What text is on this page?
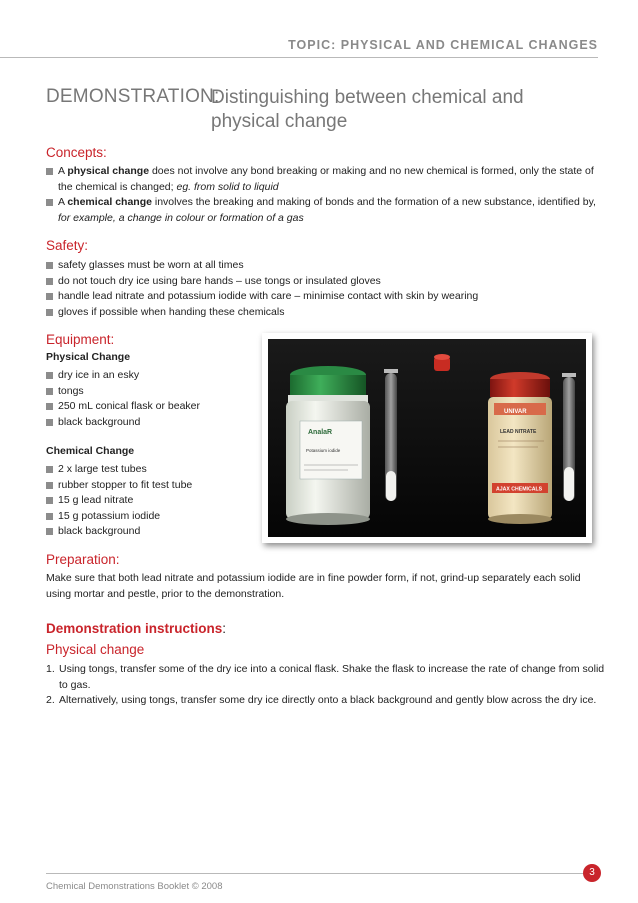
TOPIC: PHYSICAL AND CHEMICAL CHANGES
DEMONSTRATION:
Distinguishing between chemical and physical change
Concepts:
A physical change does not involve any bond breaking or making and no new chemical is formed, only the state of the chemical is changed; eg. from solid to liquid
A chemical change involves the breaking and making of bonds and the formation of a new substance, identified by, for example, a change in colour or formation of a gas
Safety:
safety glasses must be worn at all times
do not touch dry ice using bare hands – use tongs or insulated gloves
handle lead nitrate and potassium iodide with care – minimise contact with skin by wearing
gloves if possible when handing these chemicals
Equipment:
Physical Change
dry ice in an esky
tongs
250 mL conical flask or beaker
black background
Chemical Change
2 x large test tubes
rubber stopper to fit test tube
15 g lead nitrate
15 g potassium iodide
black background
AnalaR
Potassium iodide
UNIVAR
LEAD NITRATE
AJAX CHEMICALS
Preparation:
Make sure that both lead nitrate and potassium iodide are in fine powder form, if not, grind-up separately each solid using mortar and pestle, prior to the demonstration.
Demonstration instructions:
Physical change
1. Using tongs, transfer some of the dry ice into a conical flask. Shake the flask to increase the rate of change from solid to gas.
2. Alternatively, using tongs, transfer some dry ice directly onto a black background and gently blow across the dry ice.
3
Chemical Demonstrations Booklet © 2008
